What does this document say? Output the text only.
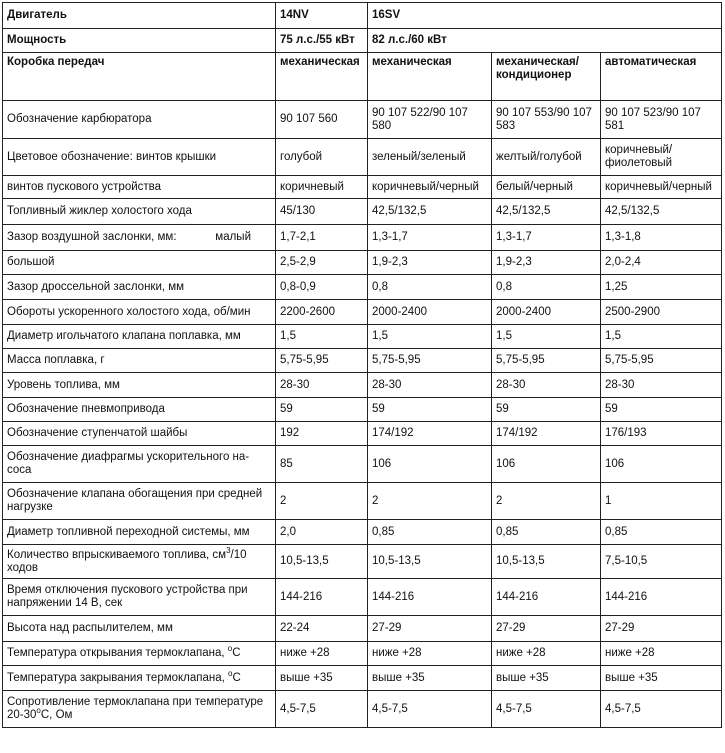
Двигатель	14NV	16SV		
Мощность	75 л.с./55 кВт	82 л.с./60 кВт		
Коробка передач	механическая	механическая	механическая/ кондиционер	автоматическая
Обозначение карбюратора	90 107 560	90 107 522/90 107 580	90 107 553/90 107 583	90 107 523/90 107 581
Цветовое обозначение: винтов крышки	голубой	зеленый/зеленый	желтый/голубой	коричневый/ фиолетовый
винтов пускового устройства	коричневый	коричневый/черный	белый/черный	коричневый/черный
Топливный жиклер холостого хода	45/130	42,5/132,5	42,5/132,5	42,5/132,5
Зазор воздушной заслонки, мм: малый	1,7-2,1	1,3-1,7	1,3-1,7	1,3-1,8
большой	2,5-2,9	1,9-2,3	1,9-2,3	2,0-2,4
Зазор дроссельной заслонки, мм	0,8-0,9	0,8	0,8	1,25
Обороты ускоренного холостого хода, об/мин	2200-2600	2000-2400	2000-2400	2500-2900
Диаметр игольчатого клапана поплавка, мм	1,5	1,5	1,5	1,5
Масса поплавка, г	5,75-5,95	5,75-5,95	5,75-5,95	5,75-5,95
Уровень топлива, мм	28-30	28-30	28-30	28-30
Обозначение пневмопривода	59	59	59	59
Обозначение ступенчатой шайбы	192	174/192	174/192	176/193
Обозначение диафрагмы ускорительного на-соса	85	106	106	106
Обозначение клапана обогащения при средней нагрузке	2	2	2	1
Диаметр топливной переходной системы, мм	2,0	0,85	0,85	0,85
Количество впрыскиваемого топлива, $см^3/10$ ходов	10,5-13,5	10,5-13,5	10,5-13,5	7,5-10,5
Время отключения пускового устройства при напряжении 14 В, сек	144-216	144-216	144-216	144-216
Высота над распылителем, мм	22-24	27-29	27-29	27-29
Температура открывания термоклапана, $^o$C	ниже +28	ниже +28	ниже +28	ниже +28
Температура закрывания термоклапана, $^o$C	выше +35	выше +35	выше +35	выше +35
Сопротивление термоклапана при температуре 20-30$^o$C, Ом	4,5-7,5	4,5-7,5	4,5-7,5	4,5-7,5
